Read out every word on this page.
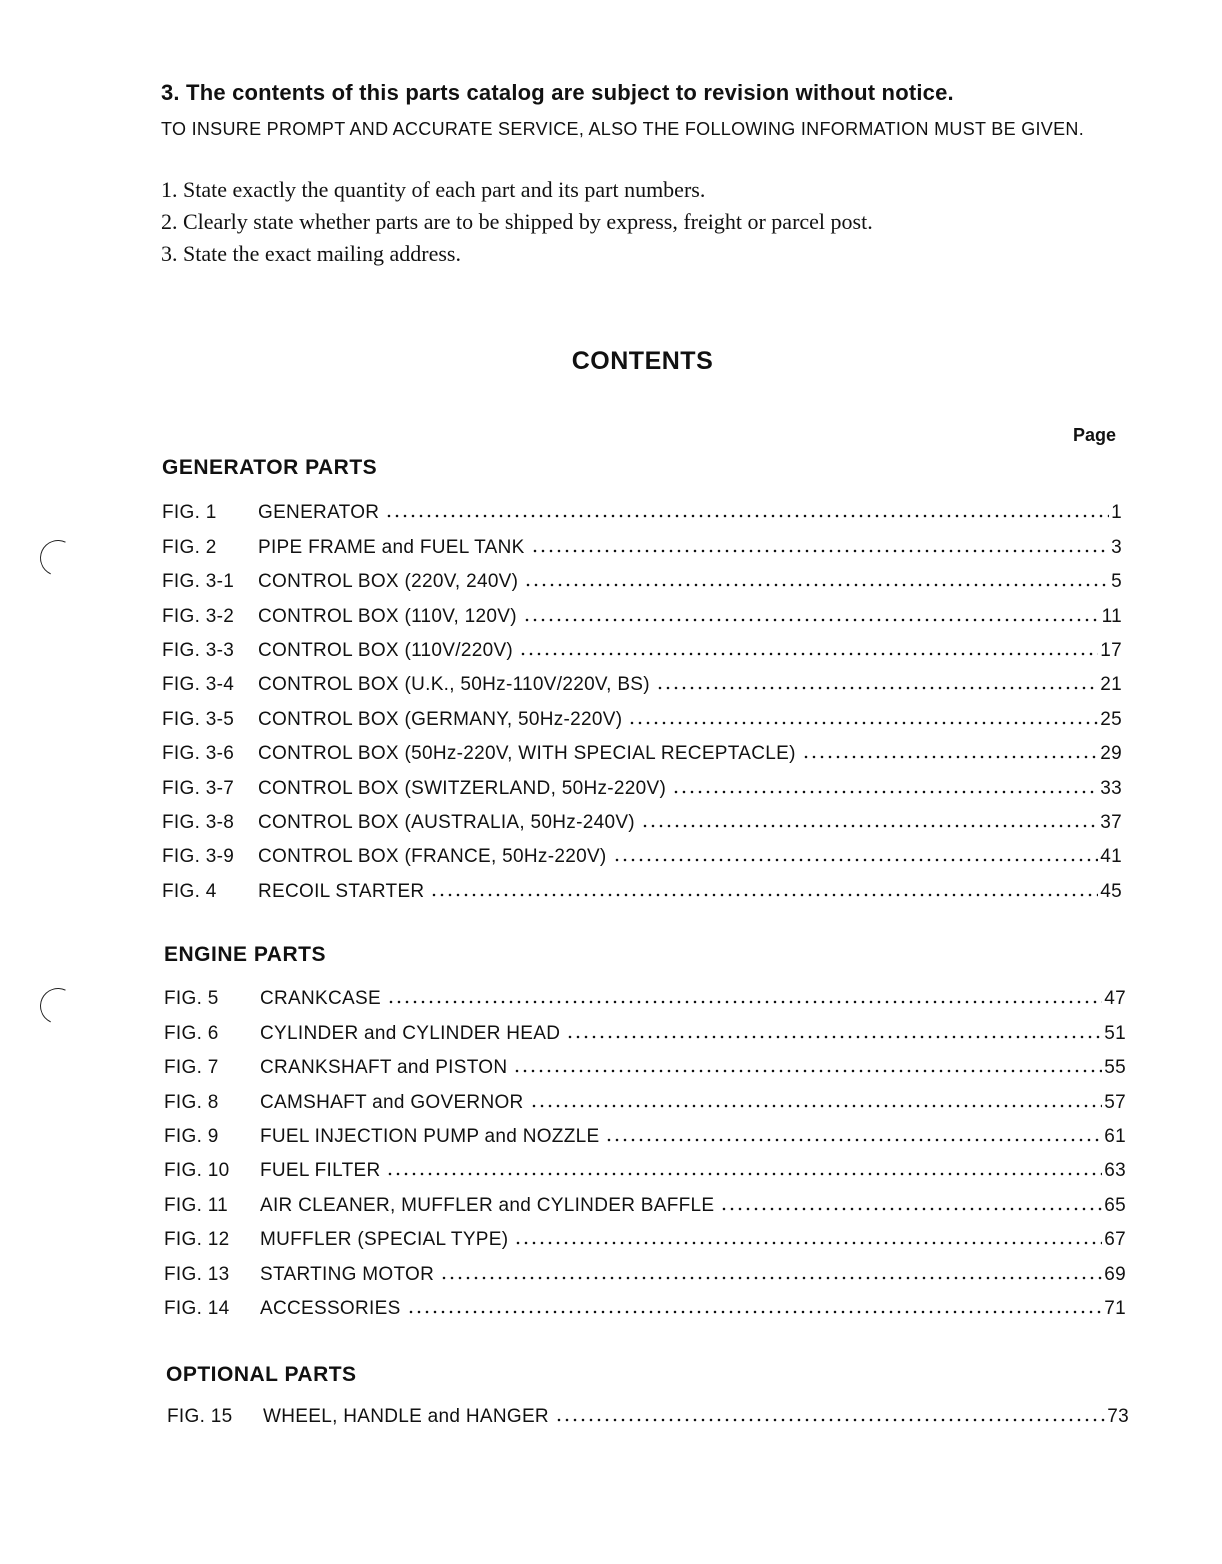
3. The contents of this parts catalog are subject to revision without notice.
TO INSURE PROMPT AND ACCURATE SERVICE, ALSO THE FOLLOWING INFORMATION MUST BE GIVEN.
1. State exactly the quantity of each part and its part numbers.
2. Clearly state whether parts are to be shipped by express, freight or parcel post.
3. State the exact mailing address.
CONTENTS
Page
GENERATOR PARTS
FIG. 1	GENERATOR	1
FIG. 2	PIPE FRAME and FUEL TANK	3
FIG. 3-1	CONTROL BOX (220V, 240V)	5
FIG. 3-2	CONTROL BOX (110V, 120V)	11
FIG. 3-3	CONTROL BOX (110V/220V)	17
FIG. 3-4	CONTROL BOX (U.K., 50Hz-110V/220V, BS)	21
FIG. 3-5	CONTROL BOX (GERMANY, 50Hz-220V)	25
FIG. 3-6	CONTROL BOX (50Hz-220V, WITH SPECIAL RECEPTACLE)	29
FIG. 3-7	CONTROL BOX (SWITZERLAND, 50Hz-220V)	33
FIG. 3-8	CONTROL BOX (AUSTRALIA, 50Hz-240V)	37
FIG. 3-9	CONTROL BOX (FRANCE, 50Hz-220V)	41
FIG. 4	RECOIL STARTER	45
ENGINE PARTS
FIG. 5	CRANKCASE	47
FIG. 6	CYLINDER and CYLINDER HEAD	51
FIG. 7	CRANKSHAFT and PISTON	55
FIG. 8	CAMSHAFT and GOVERNOR	57
FIG. 9	FUEL INJECTION PUMP and NOZZLE	61
FIG. 10	FUEL FILTER	63
FIG. 11	AIR CLEANER, MUFFLER and CYLINDER BAFFLE	65
FIG. 12	MUFFLER (SPECIAL TYPE)	67
FIG. 13	STARTING MOTOR	69
FIG. 14	ACCESSORIES	71
OPTIONAL PARTS
FIG. 15	WHEEL, HANDLE and HANGER	73
